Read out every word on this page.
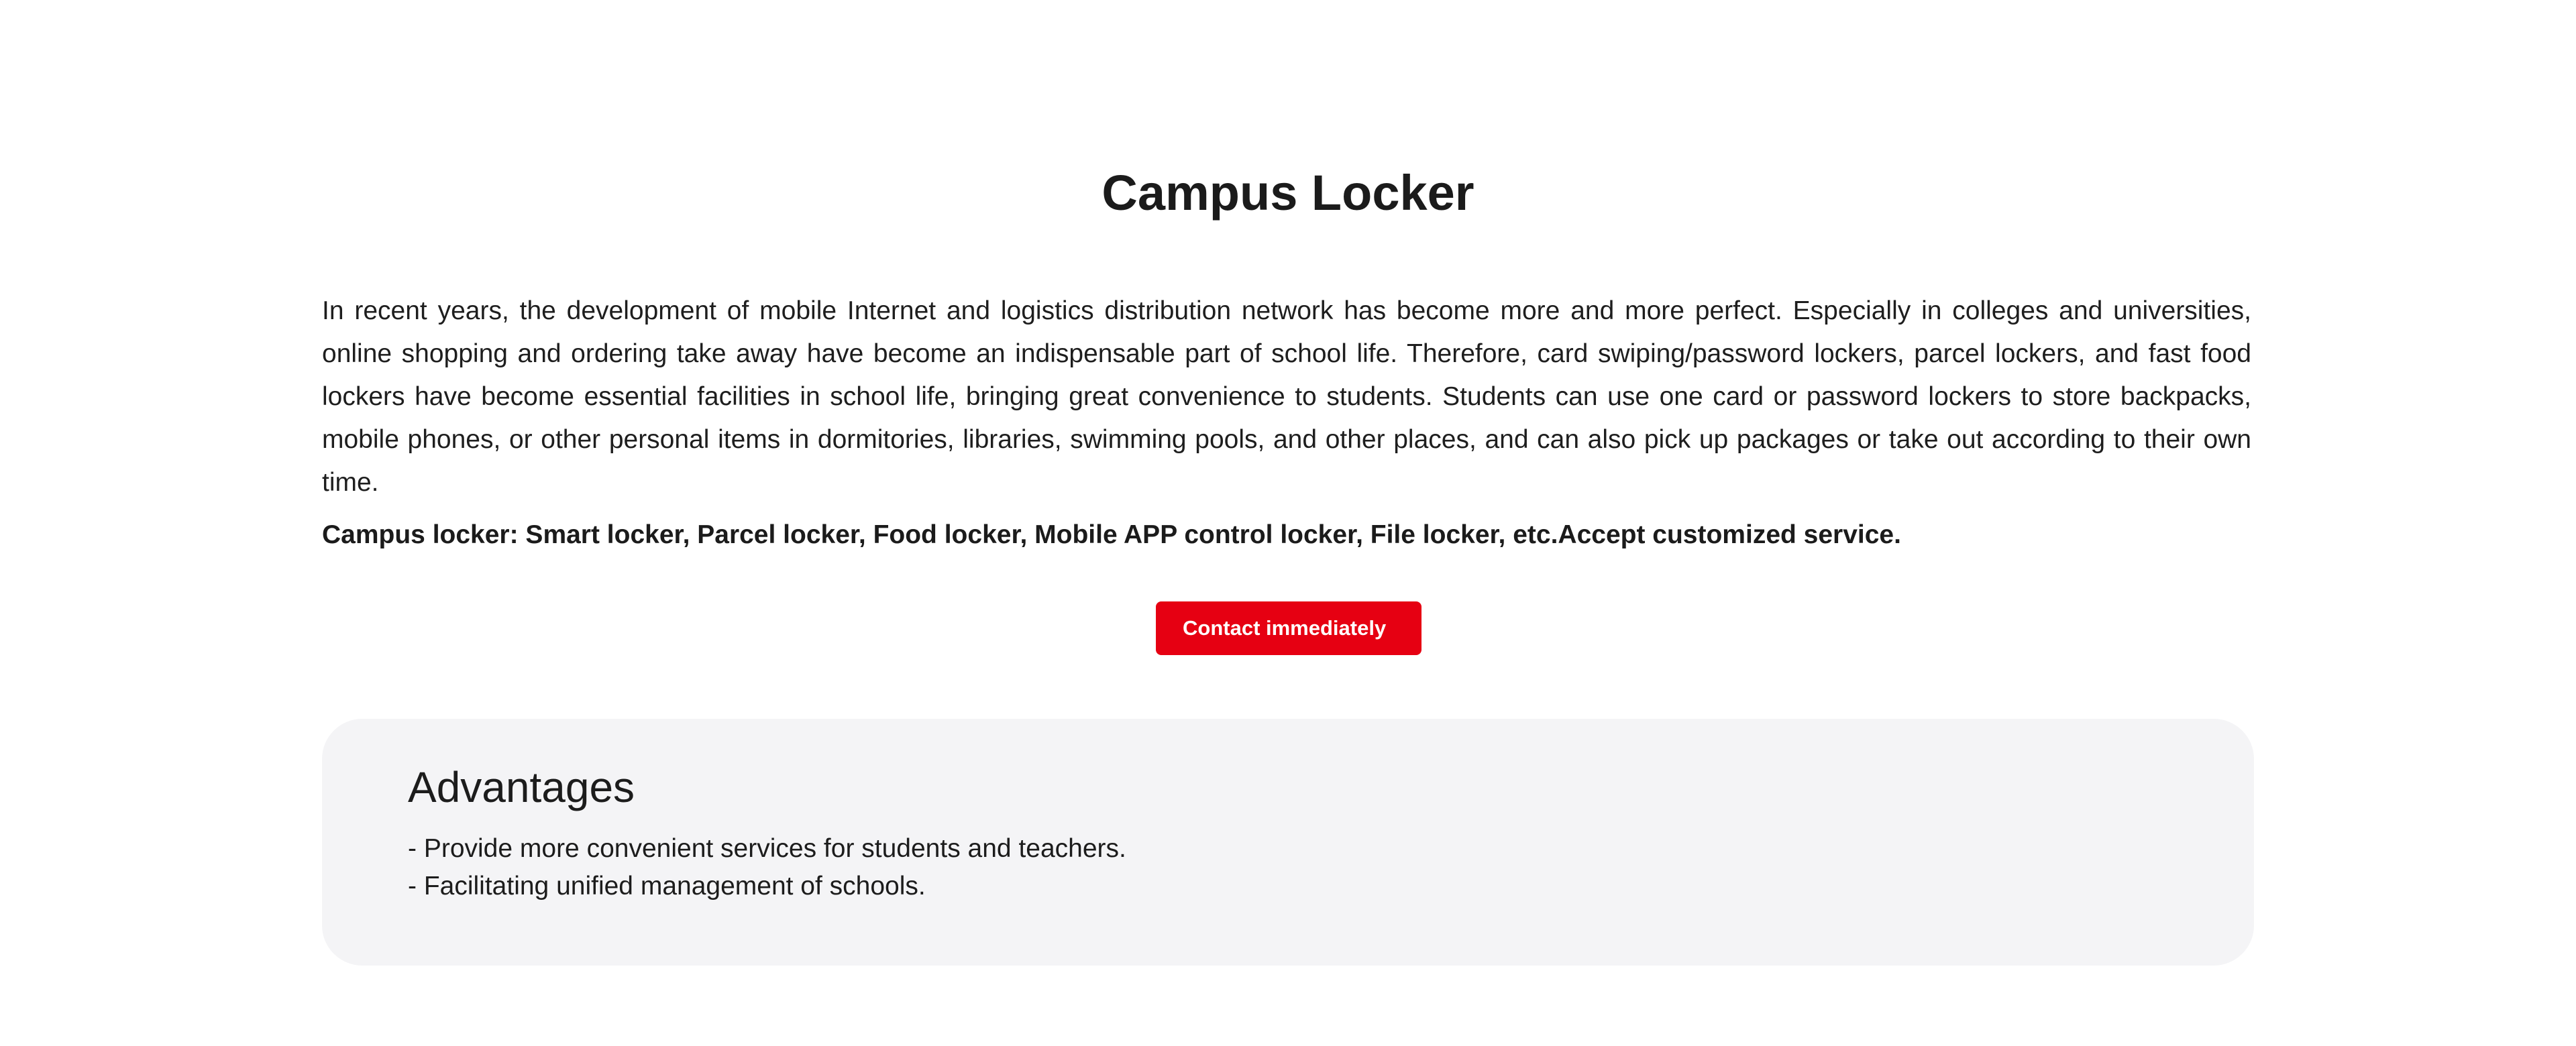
Campus Locker

In recent years, the development of mobile Internet and logistics distribution network has become more and more perfect. Especially in colleges and universities, online shopping and ordering take away have become an indispensable part of school life. Therefore, card swiping/password lockers, parcel lockers, and fast food lockers have become essential facilities in school life, bringing great convenience to students. Students can use one card or password lockers to store backpacks, mobile phones, or other personal items in dormitories, libraries, swimming pools, and other places, and can also pick up packages or take out according to their own time.

Campus locker: Smart locker, Parcel locker, Food locker, Mobile APP control locker, File locker, etc.Accept customized service.

Contact immediately
Advantages
- Provide more convenient services for students and teachers.
- Facilitating unified management of schools.
